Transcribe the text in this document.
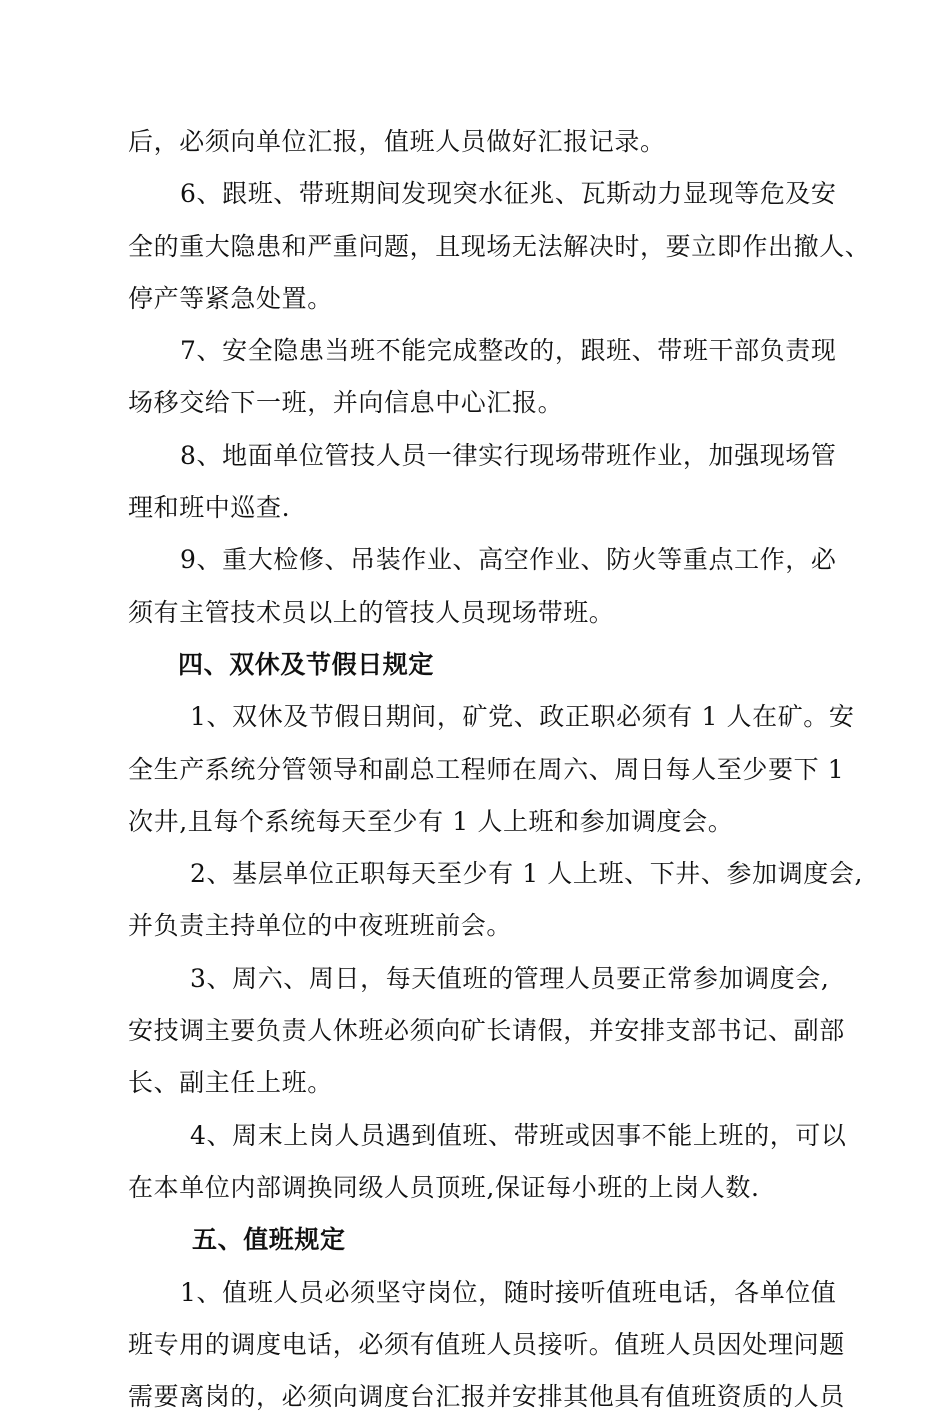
后，必须向单位汇报，值班人员做好汇报记录。
6、跟班、带班期间发现突水征兆、瓦斯动力显现等危及安
全的重大隐患和严重问题，且现场无法解决时，要立即作出撤人、
停产等紧急处置。
7、安全隐患当班不能完成整改的，跟班、带班干部负责现
场移交给下一班，并向信息中心汇报。
8、地面单位管技人员一律实行现场带班作业，加强现场管
理和班中巡查.
9、重大检修、吊装作业、高空作业、防火等重点工作，必
须有主管技术员以上的管技人员现场带班。
四、双休及节假日规定
1、双休及节假日期间，矿党、政正职必须有 1 人在矿。安
全生产系统分管领导和副总工程师在周六、周日每人至少要下 1
次井,且每个系统每天至少有 1 人上班和参加调度会。
2、基层单位正职每天至少有 1 人上班、下井、参加调度会,
并负责主持单位的中夜班班前会。
3、周六、周日，每天值班的管理人员要正常参加调度会,
安技调主要负责人休班必须向矿长请假，并安排支部书记、副部
长、副主任上班。
4、周末上岗人员遇到值班、带班或因事不能上班的，可以
在本单位内部调换同级人员顶班,保证每小班的上岗人数.
五、值班规定
1、值班人员必须坚守岗位，随时接听值班电话，各单位值
班专用的调度电话，必须有值班人员接听。值班人员因处理问题
需要离岗的，必须向调度台汇报并安排其他具有值班资质的人员
